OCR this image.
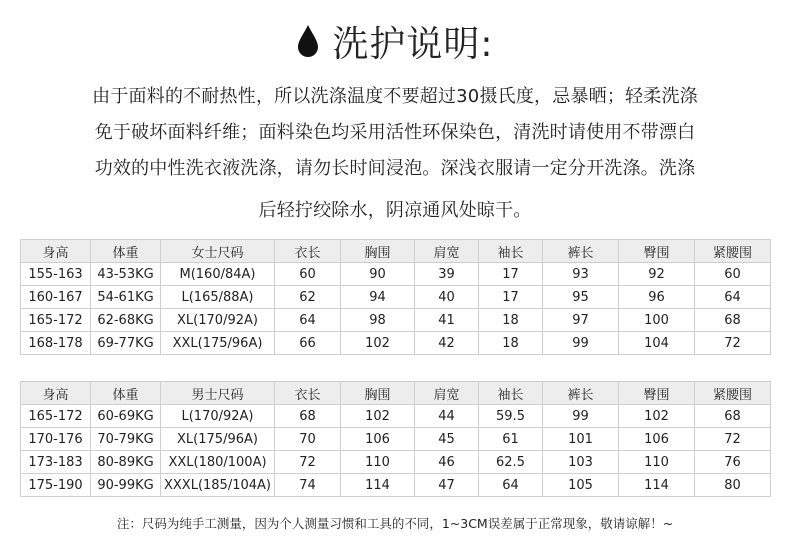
洗护说明:
由于面料的不耐热性，所以洗涤温度不要超过30摄氏度，忌暴晒；轻柔洗涤
免于破坏面料纤维；面料染色均采用活性环保染色，清洗时请使用不带漂白
功效的中性洗衣液洗涤，请勿长时间浸泡。深浅衣服请一定分开洗涤。洗涤
后轻拧绞除水，阴凉通风处晾干。
身高	体重	女士尺码	衣长	胸围	肩宽	袖长	裤长	臀围	紧腰围
155-163	43-53KG	M(160/84A)	60	90	39	17	93	92	60
160-167	54-61KG	L(165/88A)	62	94	40	17	95	96	64
165-172	62-68KG	XL(170/92A)	64	98	41	18	97	100	68
168-178	69-77KG	XXL(175/96A)	66	102	42	18	99	104	72
身高	体重	男士尺码	衣长	胸围	肩宽	袖长	裤长	臀围	紧腰围
165-172	60-69KG	L(170/92A)	68	102	44	59.5	99	102	68
170-176	70-79KG	XL(175/96A)	70	106	45	61	101	106	72
173-183	80-89KG	XXL(180/100A)	72	110	46	62.5	103	110	76
175-190	90-99KG	XXXL(185/104A)	74	114	47	64	105	114	80
注：尺码为纯手工测量，因为个人测量习惯和工具的不同，1~3CM误差属于正常现象，敬请谅解！~
